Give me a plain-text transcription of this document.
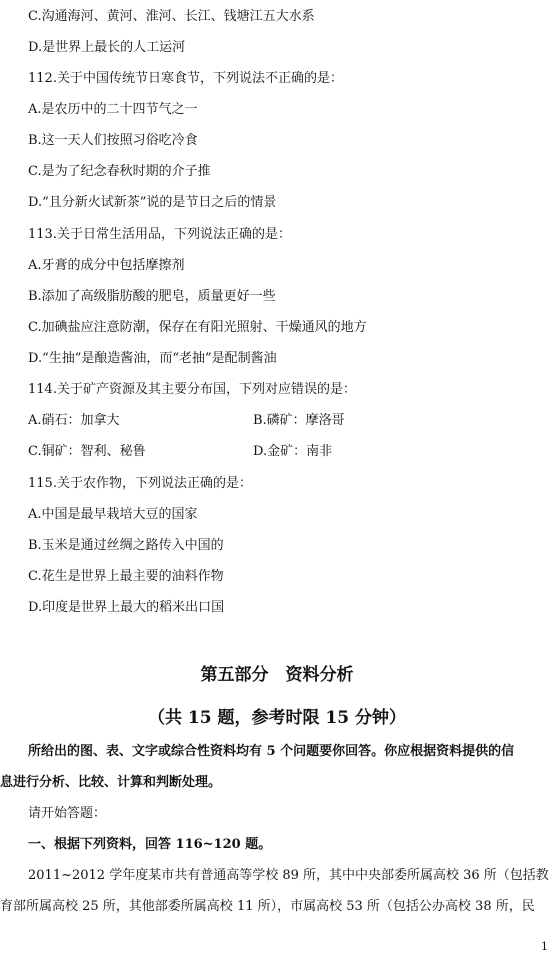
C.沟通海河、黄河、淮河、长江、钱塘江五大水系
D.是世界上最长的人工运河
112.关于中国传统节日寒食节，下列说法不正确的是：
A.是农历中的二十四节气之一
B.这一天人们按照习俗吃冷食
C.是为了纪念春秋时期的介子推
D.“且分新火试新茶”说的是节日之后的情景
113.关于日常生活用品，下列说法正确的是：
A.牙膏的成分中包括摩擦剂
B.添加了高级脂肪酸的肥皂，质量更好一些
C.加碘盐应注意防潮，保存在有阳光照射、干燥通风的地方
D.“生抽”是酿造酱油，而“老抽”是配制酱油
114.关于矿产资源及其主要分布国，下列对应错误的是：
A.硝石：加拿大	B.磷矿：摩洛哥
C.铜矿：智利、秘鲁	D.金矿：南非
115.关于农作物，下列说法正确的是：
A.中国是最早栽培大豆的国家
B.玉米是通过丝绸之路传入中国的
C.花生是世界上最主要的油料作物
D.印度是世界上最大的稻米出口国
第五部分　资料分析
（共 15 题，参考时限 15 分钟）
所给出的图、表、文字或综合性资料均有 5 个问题要你回答。你应根据资料提供的信
息进行分析、比较、计算和判断处理。
请开始答题：
一、根据下列资料，回答 116~120 题。
2011~2012 学年度某市共有普通高等学校 89 所，其中中央部委所属高校 36 所（包括教
育部所属高校 25 所，其他部委所属高校 11 所），市属高校 53 所（包括公办高校 38 所，民
1
